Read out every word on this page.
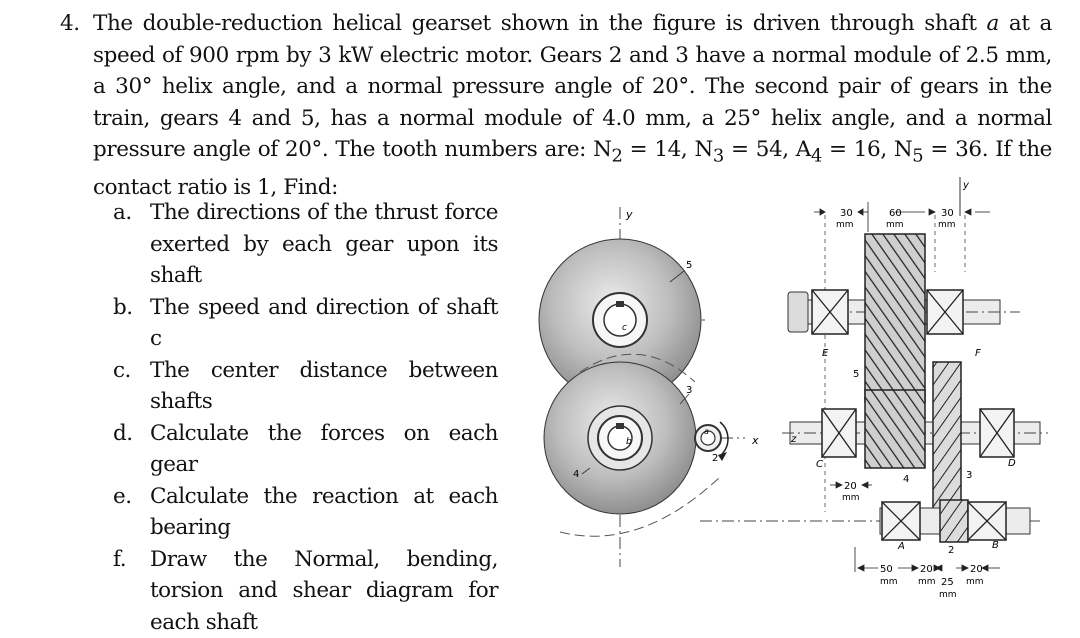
4. The double-reduction helical gearset shown in the figure is driven through shaft a at a speed of 900 rpm by 3 kW electric motor. Gears 2 and 3 have a normal module of 2.5 mm, a 30° helix angle, and a normal pressure angle of 20°. The second pair of gears in the train, gears 4 and 5, has a normal module of 4.0 mm, a 25° helix angle, and a normal pressure angle of 20°. The tooth numbers are: $N_2 = 14$, $N_3 = 54$, $A_4 = 16$, $N_5 = 36$. If the contact ratio is 1, Find:
a. The directions of the thrust force exerted by each gear upon its shaft
b. The speed and direction of shaft c
c. The center distance between shafts
d. Calculate the forces on each gear
e. Calculate the reaction at each bearing
f. Draw the Normal, bending, torsion and shear diagram for each shaft
y
x
c
b
a
5
4
3
2
30
mm
60
mm
30
mm
y
E	F
5
C	D
z
4	3
A	2	B
20
mm
50
mm
20
mm
20
mm
25
mm
